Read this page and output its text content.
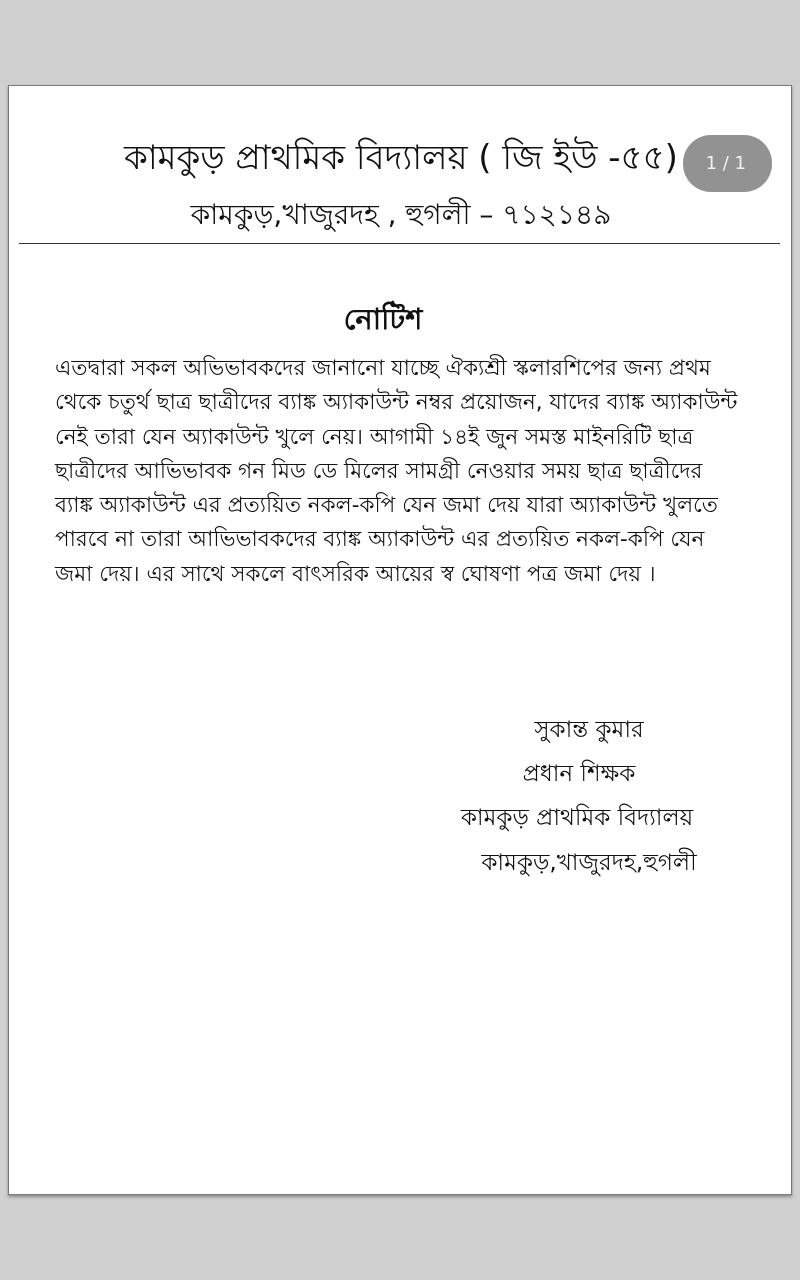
কামকুড় প্রাথমিক বিদ্যালয় ( জি ইউ -৫৫)
কামকুড়,খাজুরদহ , হুগলী – ৭১২১৪৯
নোটিশ

এতদ্বারা সকল অভিভাবকদের জানানো যাচ্ছে ঐক্যশ্রী স্কলারশিপের জন্য প্রথম থেকে চতুর্থ ছাত্র ছাত্রীদের ব্যাঙ্ক অ্যাকাউন্ট নম্বর প্রয়োজন, যাদের ব্যাঙ্ক অ্যাকাউন্ট নেই তারা যেন অ্যাকাউন্ট খুলে নেয়। আগামী ১৪ই জুন সমস্ত মাইনরিটি ছাত্র ছাত্রীদের আভিভাবক গন মিড ডে মিলের সামগ্রী নেওয়ার সময় ছাত্র ছাত্রীদের ব্যাঙ্ক অ্যাকাউন্ট এর প্রত্যয়িত নকল-কপি যেন জমা দেয় যারা অ্যাকাউন্ট খুলতে পারবে না তারা আভিভাবকদের ব্যাঙ্ক অ্যাকাউন্ট এর প্রত্যয়িত নকল-কপি যেন জমা দেয়। এর সাথে সকলে বাৎসরিক আয়ের স্ব ঘোষণা পত্র জমা দেয় ।

সুকান্ত কুমার
প্রধান শিক্ষক
কামকুড় প্রাথমিক বিদ্যালয়
কামকুড়,খাজুরদহ,হুগলী
1 / 1
